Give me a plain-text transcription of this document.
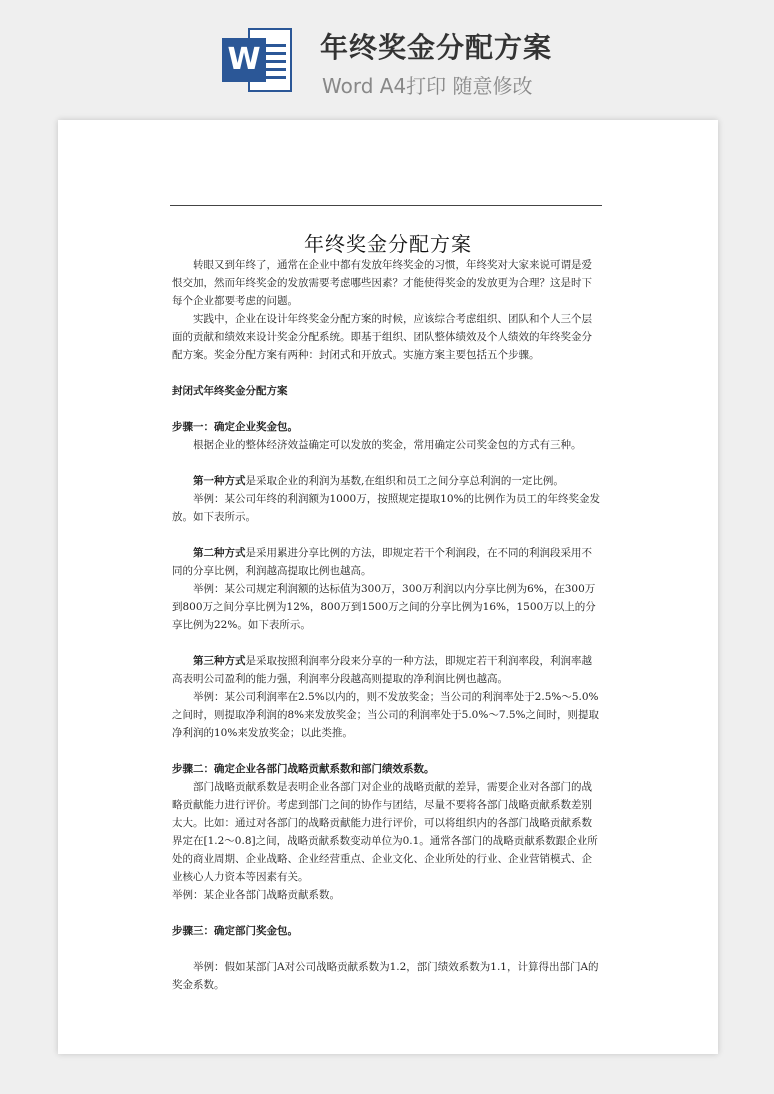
W 年终奖金分配方案
Word A4打印 随意修改
年终奖金分配方案

转眼又到年终了，通常在企业中都有发放年终奖金的习惯，年终奖对大家来说可谓是爱恨交加，然而年终奖金的发放需要考虑哪些因素？才能使得奖金的发放更为合理？这是时下每个企业都要考虑的问题。

实践中，企业在设计年终奖金分配方案的时候，应该综合考虑组织、团队和个人三个层面的贡献和绩效来设计奖金分配系统。即基于组织、团队整体绩效及个人绩效的年终奖金分配方案。奖金分配方案有两种：封闭式和开放式。实施方案主要包括五个步骤。

封闭式年终奖金分配方案

步骤一：确定企业奖金包。

根据企业的整体经济效益确定可以发放的奖金，常用确定公司奖金包的方式有三种。

第一种方式是采取企业的利润为基数,在组织和员工之间分享总利润的一定比例。

举例：某公司年终的利润额为1000万，按照规定提取10%的比例作为员工的年终奖金发放。如下表所示。

第二种方式是采用累进分享比例的方法，即规定若干个利润段，在不同的利润段采用不同的分享比例，利润越高提取比例也越高。

举例：某公司规定利润额的达标值为300万，300万利润以内分享比例为6%，在300万到800万之间分享比例为12%，800万到1500万之间的分享比例为16%，1500万以上的分享比例为22%。如下表所示。

第三种方式是采取按照利润率分段来分享的一种方法，即规定若干利润率段，利润率越高表明公司盈利的能力强，利润率分段越高则提取的净利润比例也越高。

举例：某公司利润率在2.5%以内的，则不发放奖金；当公司的利润率处于2.5%～5.0%之间时，则提取净利润的8%来发放奖金；当公司的利润率处于5.0%～7.5%之间时，则提取净利润的10%来发放奖金；以此类推。

步骤二：确定企业各部门战略贡献系数和部门绩效系数。

部门战略贡献系数是表明企业各部门对企业的战略贡献的差异，需要企业对各部门的战略贡献能力进行评价。考虑到部门之间的协作与团结，尽量不要将各部门战略贡献系数差别太大。比如：通过对各部门的战略贡献能力进行评价，可以将组织内的各部门战略贡献系数界定在[1.2～0.8]之间，战略贡献系数变动单位为0.1。通常各部门的战略贡献系数跟企业所处的商业周期、企业战略、企业经营重点、企业文化、企业所处的行业、企业营销模式、企业核心人力资本等因素有关。

举例：某企业各部门战略贡献系数。

步骤三：确定部门奖金包。

举例：假如某部门A对公司战略贡献系数为1.2，部门绩效系数为1.1，计算得出部门A的奖金系数。
